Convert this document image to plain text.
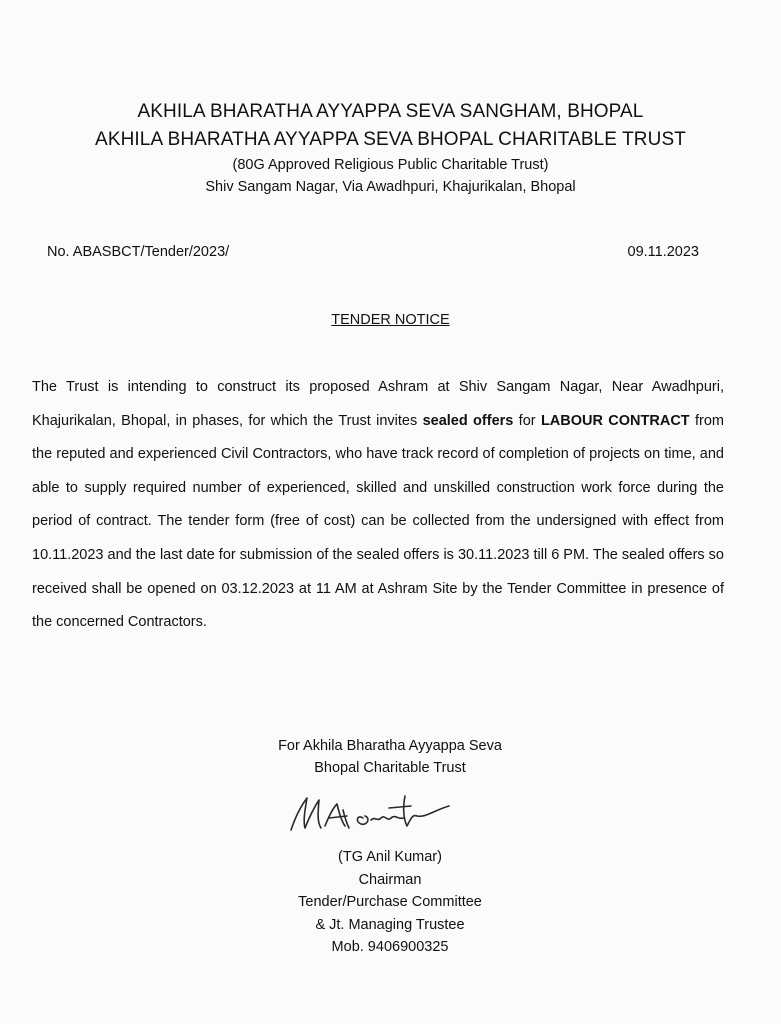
AKHILA BHARATHA AYYAPPA SEVA SANGHAM, BHOPAL
AKHILA BHARATHA AYYAPPA SEVA BHOPAL CHARITABLE TRUST
(80G Approved Religious Public Charitable Trust)
Shiv Sangam Nagar, Via Awadhpuri, Khajurikalan, Bhopal
No. ABASBCT/Tender/2023/	09.11.2023
TENDER NOTICE
The Trust is intending to construct its proposed Ashram at Shiv Sangam Nagar, Near Awadhpuri, Khajurikalan, Bhopal, in phases, for which the Trust invites sealed offers for LABOUR CONTRACT from the reputed and experienced Civil Contractors, who have track record of completion of projects on time, and able to supply required number of experienced, skilled and unskilled construction work force during the period of contract. The tender form (free of cost) can be collected from the undersigned with effect from 10.11.2023 and the last date for submission of the sealed offers is 30.11.2023 till 6 PM. The sealed offers so received shall be opened on 03.12.2023 at 11 AM at Ashram Site by the Tender Committee in presence of the concerned Contractors.
For Akhila Bharatha Ayyappa Seva
Bhopal Charitable Trust
(TG Anil Kumar)
Chairman
Tender/Purchase Committee
& Jt. Managing Trustee
Mob. 9406900325
